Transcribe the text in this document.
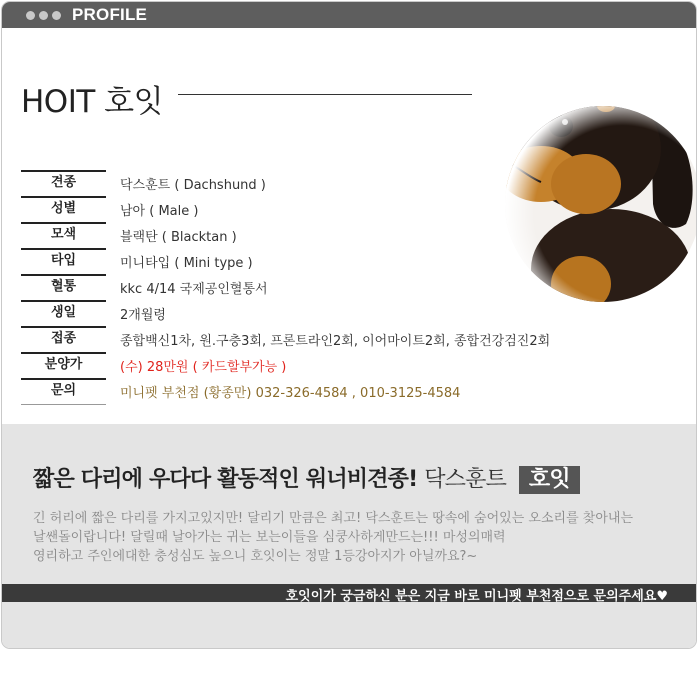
PROFILE
HOIT 호잇
견종	닥스훈트 ( Dachshund )
성별	남아 ( Male )
모색	블랙탄 ( Blacktan )
타입	미니타입 ( Mini type )
혈통	kkc 4/14 국제공인혈통서
생일	2개월령
접종	종합백신1차, 원.구충3회, 프론트라인2회, 이어마이트2회, 종합건강검진2회
분양가	(수) 28만원 ( 카드할부가능 )
문의	미니펫 부천점 (황종만) 032-326-4584 , 010-3125-4584
짧은 다리에 우다다 활동적인 워너비견종! 닥스훈트 호잇
긴 허리에 짧은 다리를 가지고있지만! 달리기 만큼은 최고! 닥스훈트는 땅속에 숨어있는 오소리를 찾아내는
날쌘돌이랍니다! 달릴때 날아가는 귀는 보는이들을 심쿵사하게만드는!!! 마성의매력
영리하고 주인에대한 충성심도 높으니 호잇이는 정말 1등강아지가 아닐까요?~
호잇이가 궁금하신 분은 지금 바로 미니펫 부천점으로 문의주세요♥
